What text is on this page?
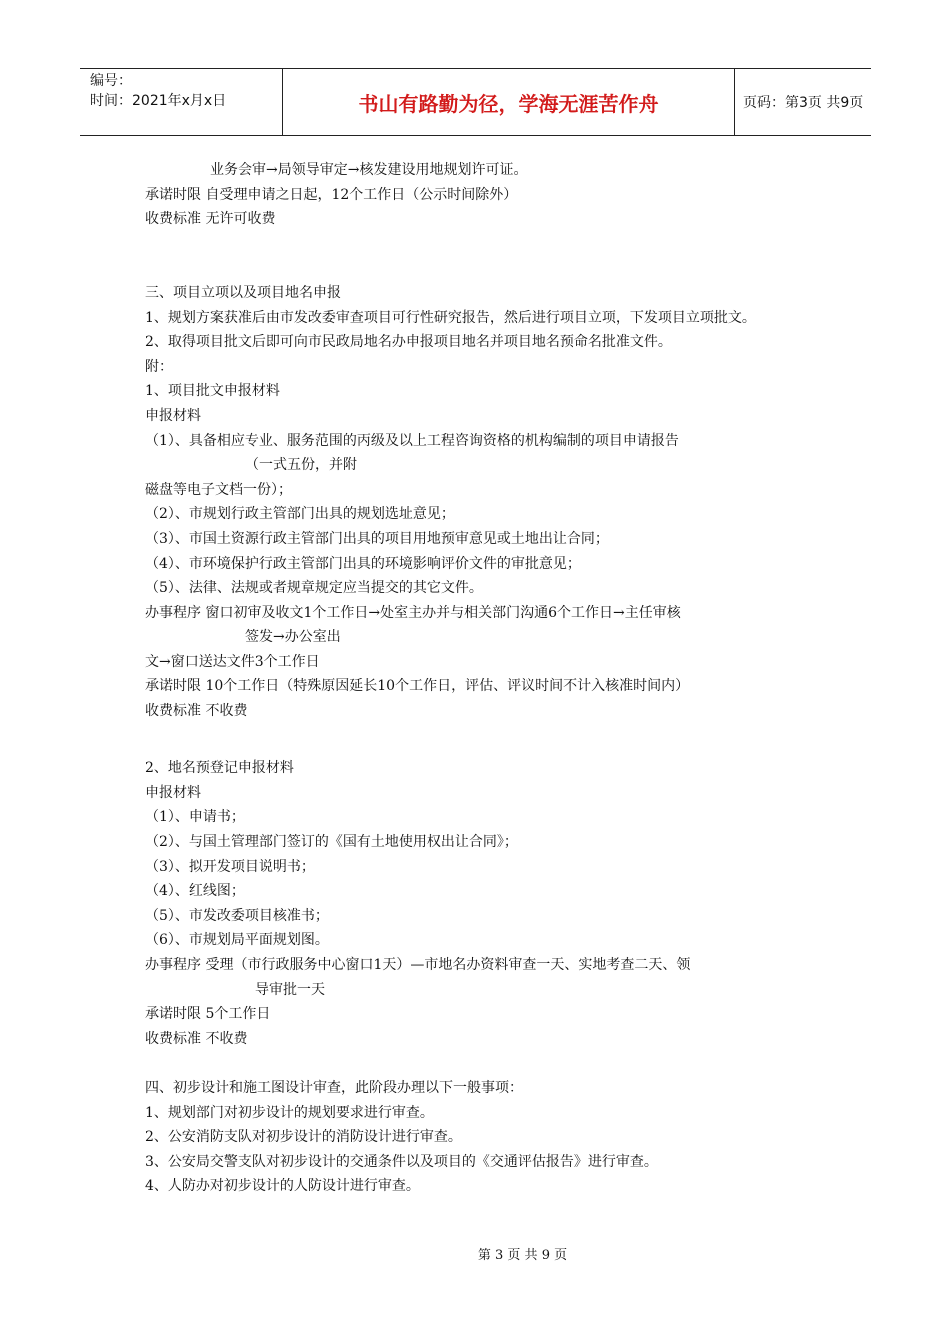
编号：
时间：2021年x月x日	书山有路勤为径，学海无涯苦作舟	页码：第3页 共9页
业务会审→局领导审定→核发建设用地规划许可证。
承诺时限 自受理申请之日起，12个工作日（公示时间除外）
收费标准 无许可收费
三、项目立项以及项目地名申报
1、规划方案获准后由市发改委审查项目可行性研究报告，然后进行项目立项，下发项目立项批文。
2、取得项目批文后即可向市民政局地名办申报项目地名并项目地名预命名批准文件。
附：
1、项目批文申报材料
申报材料
（1）、具备相应专业、服务范围的丙级及以上工程咨询资格的机构编制的项目申请报告
（一式五份，并附
磁盘等电子文档一份）；
（2）、市规划行政主管部门出具的规划选址意见；
（3）、市国土资源行政主管部门出具的项目用地预审意见或土地出让合同；
（4）、市环境保护行政主管部门出具的环境影响评价文件的审批意见；
（5）、法律、法规或者规章规定应当提交的其它文件。
办事程序 窗口初审及收文1个工作日→处室主办并与相关部门沟通6个工作日→主任审核
签发→办公室出
文→窗口送达文件3个工作日
承诺时限 10个工作日（特殊原因延长10个工作日，评估、评议时间不计入核准时间内）
收费标准 不收费
2、地名预登记申报材料
申报材料
（1）、申请书；
（2）、与国土管理部门签订的《国有土地使用权出让合同》；
（3）、拟开发项目说明书；
（4）、红线图；
（5）、市发改委项目核准书；
（6）、市规划局平面规划图。
办事程序 受理（市行政服务中心窗口1天）—市地名办资料审查一天、实地考查二天、领
导审批一天
承诺时限 5个工作日
收费标准 不收费
四、初步设计和施工图设计审查，此阶段办理以下一般事项：
1、规划部门对初步设计的规划要求进行审查。
2、公安消防支队对初步设计的消防设计进行审查。
3、公安局交警支队对初步设计的交通条件以及项目的《交通评估报告》进行审查。
4、人防办对初步设计的人防设计进行审查。
第 3 页 共 9 页
